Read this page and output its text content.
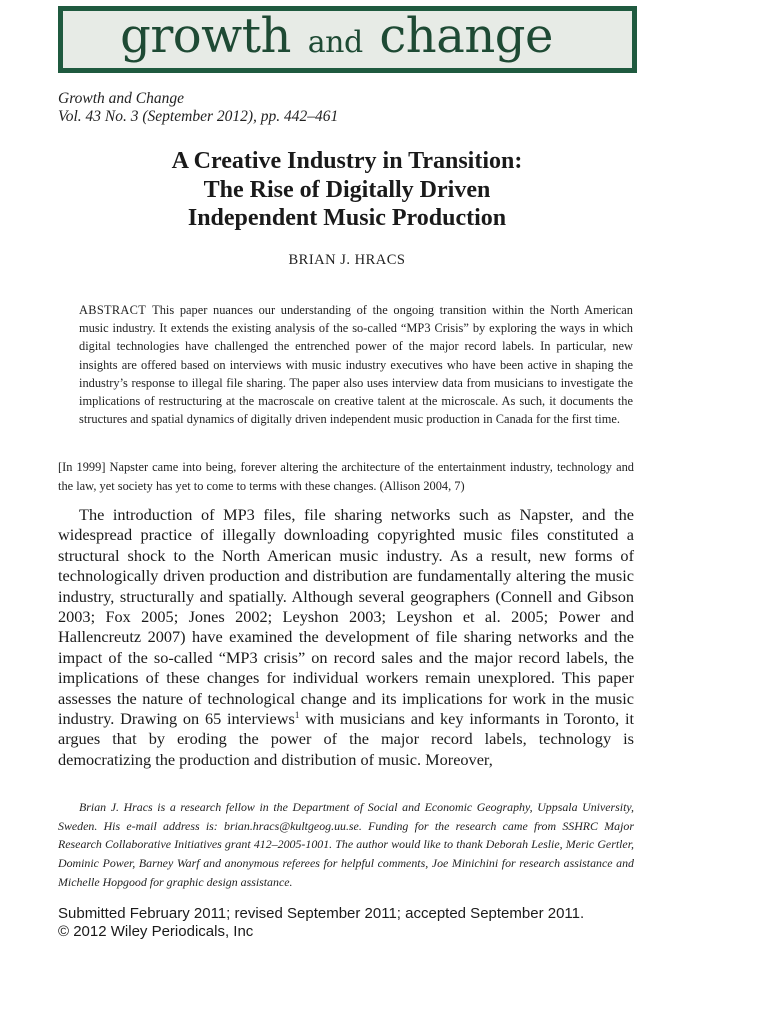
growth and change
Growth and Change
Vol. 43 No. 3 (September 2012), pp. 442–461
A Creative Industry in Transition:
The Rise of Digitally Driven
Independent Music Production
BRIAN J. HRACS
ABSTRACT This paper nuances our understanding of the ongoing transition within the North American music industry. It extends the existing analysis of the so-called “MP3 Crisis” by exploring the ways in which digital technologies have challenged the entrenched power of the major record labels. In particular, new insights are offered based on interviews with music industry executives who have been active in shaping the industry’s response to illegal file sharing. The paper also uses interview data from musicians to investigate the implications of restructuring at the macroscale on creative talent at the microscale. As such, it documents the structures and spatial dynamics of digitally driven independent music production in Canada for the first time.
[In 1999] Napster came into being, forever altering the architecture of the entertainment industry, technology and the law, yet society has yet to come to terms with these changes. (Allison 2004, 7)
The introduction of MP3 files, file sharing networks such as Napster, and the widespread practice of illegally downloading copyrighted music files constituted a structural shock to the North American music industry. As a result, new forms of technologically driven production and distribution are fundamentally altering the music industry, structurally and spatially. Although several geographers (Connell and Gibson 2003; Fox 2005; Jones 2002; Leyshon 2003; Leyshon et al. 2005; Power and Hallencreutz 2007) have examined the development of file sharing networks and the impact of the so-called “MP3 crisis” on record sales and the major record labels, the implications of these changes for individual workers remain unexplored. This paper assesses the nature of technological change and its implications for work in the music industry. Drawing on 65 interviews$^1$ with musicians and key informants in Toronto, it argues that by eroding the power of the major record labels, technology is democratizing the production and distribution of music. Moreover,
Brian J. Hracs is a research fellow in the Department of Social and Economic Geography, Uppsala University, Sweden. His e-mail address is: brian.hracs@kultgeog.uu.se. Funding for the research came from SSHRC Major Research Collaborative Initiatives grant 412–2005-1001. The author would like to thank Deborah Leslie, Meric Gertler, Dominic Power, Barney Warf and anonymous referees for helpful comments, Joe Minichini for research assistance and Michelle Hopgood for graphic design assistance.
Submitted February 2011; revised September 2011; accepted September 2011.
© 2012 Wiley Periodicals, Inc
